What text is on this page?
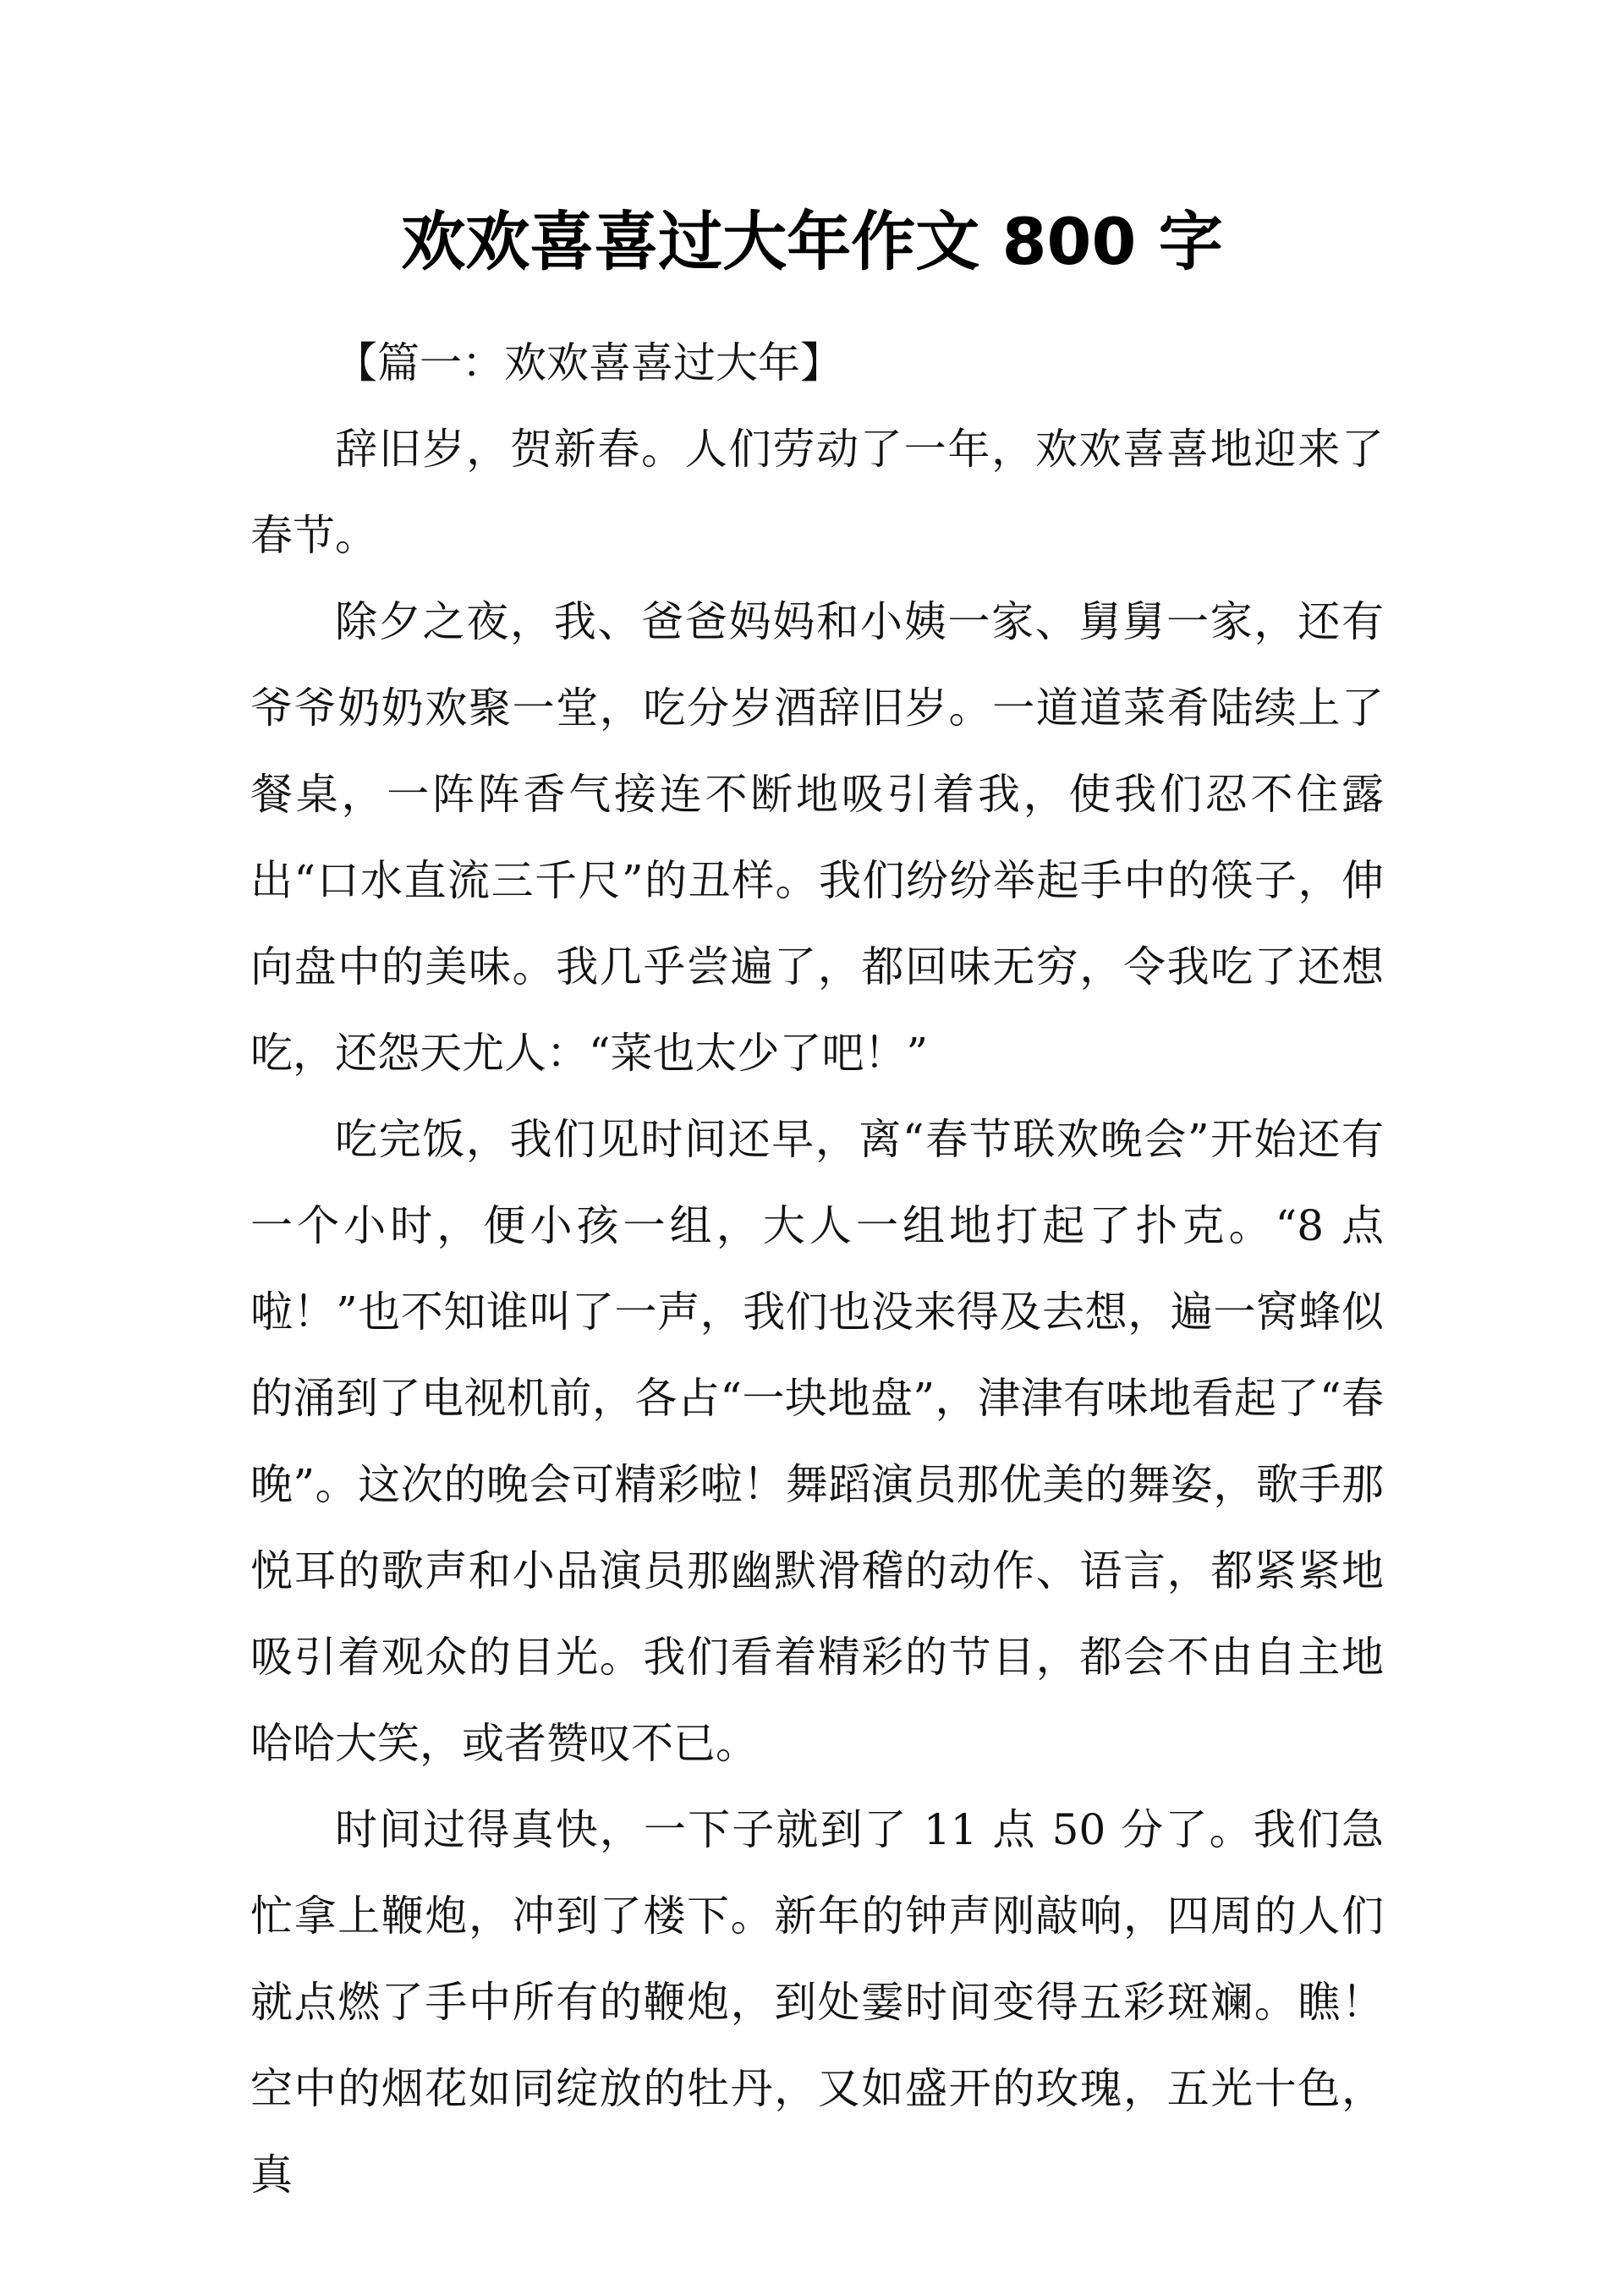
欢欢喜喜过大年作文 800 字

【篇一：欢欢喜喜过大年】

辞旧岁，贺新春。人们劳动了一年，欢欢喜喜地迎来了春节。

除夕之夜，我、爸爸妈妈和小姨一家、舅舅一家，还有爷爷奶奶欢聚一堂，吃分岁酒辞旧岁。一道道菜肴陆续上了餐桌，一阵阵香气接连不断地吸引着我，使我们忍不住露出“口水直流三千尺”的丑样。我们纷纷举起手中的筷子，伸向盘中的美味。我几乎尝遍了，都回味无穷，令我吃了还想吃，还怨天尤人：“菜也太少了吧！”

吃完饭，我们见时间还早，离“春节联欢晚会”开始还有一个小时，便小孩一组，大人一组地打起了扑克。“8 点啦！”也不知谁叫了一声，我们也没来得及去想，遍一窝蜂似的涌到了电视机前，各占“一块地盘”，津津有味地看起了“春晚”。这次的晚会可精彩啦！舞蹈演员那优美的舞姿，歌手那悦耳的歌声和小品演员那幽默滑稽的动作、语言，都紧紧地吸引着观众的目光。我们看着精彩的节目，都会不由自主地哈哈大笑，或者赞叹不已。

时间过得真快，一下子就到了 11 点 50 分了。我们急忙拿上鞭炮，冲到了楼下。新年的钟声刚敲响，四周的人们就点燃了手中所有的鞭炮，到处霎时间变得五彩斑斓。瞧！空中的烟花如同绽放的牡丹，又如盛开的玫瑰，五光十色，真
